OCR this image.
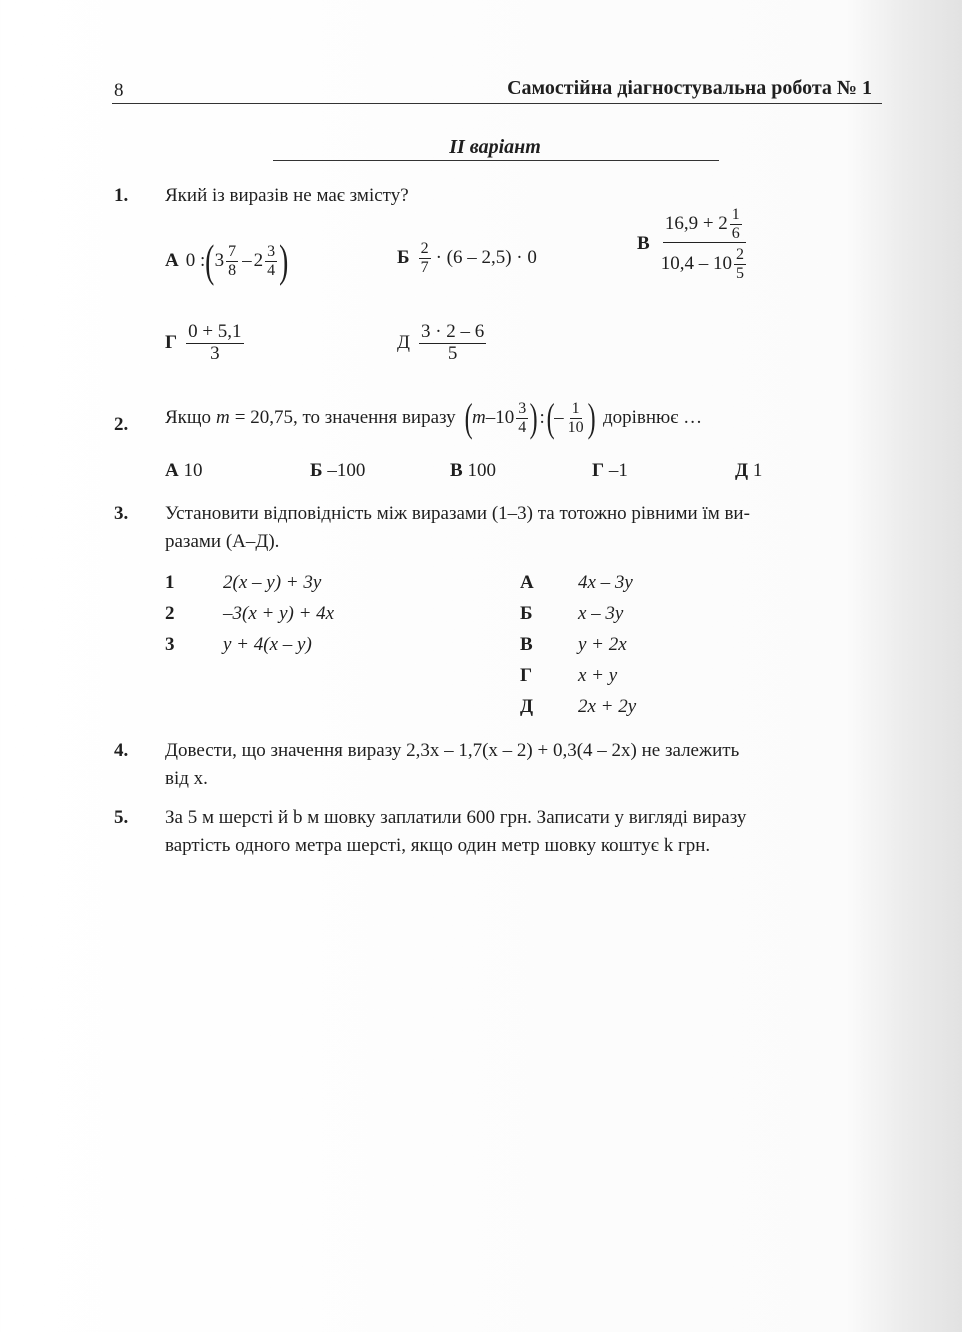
8	Самостійна діагностувальна робота № 1
II варіант
1. Який із виразів не має змісту?
А 0 : ( $3 \frac{7}{8} - 2 \frac{3}{4}$ )	Б $\frac{2}{7} \cdot (6 - 2,5) \cdot 0$
В $\frac{16,9 + 2 \frac{1}{6}}{10,4 - 10 \frac{2}{5}}$
Г $\frac{0 + 5,1}{3}$	Д $\frac{3 \cdot 2 - 6}{5}$
2. Якщо m = 20,75, то значення виразу ( m $-10 \frac{3}{4}$ ) : ( – $\frac{1}{10}$ ) дорівнює …
А 10	Б –100	В 100	Г –1	Д 1
3. Установити відповідність між виразами (1–3) та тотожно рівними їм ви-
разами (А–Д).
1	2(x – y) + 3y
2	–3(x + y) + 4x
3	y + 4(x – y)
А 4x – 3y
Б x – 3y
В y + 2x
Г x + y
Д 2x + 2y
4. Довести, що значення виразу 2,3x – 1,7(x – 2) + 0,3(4 – 2x) не залежить
від x.
5. За 5 м шерсті й b м шовку заплатили 600 грн. Записати у вигляді виразу
вартість одного метра шерсті, якщо один метр шовку коштує k грн.
